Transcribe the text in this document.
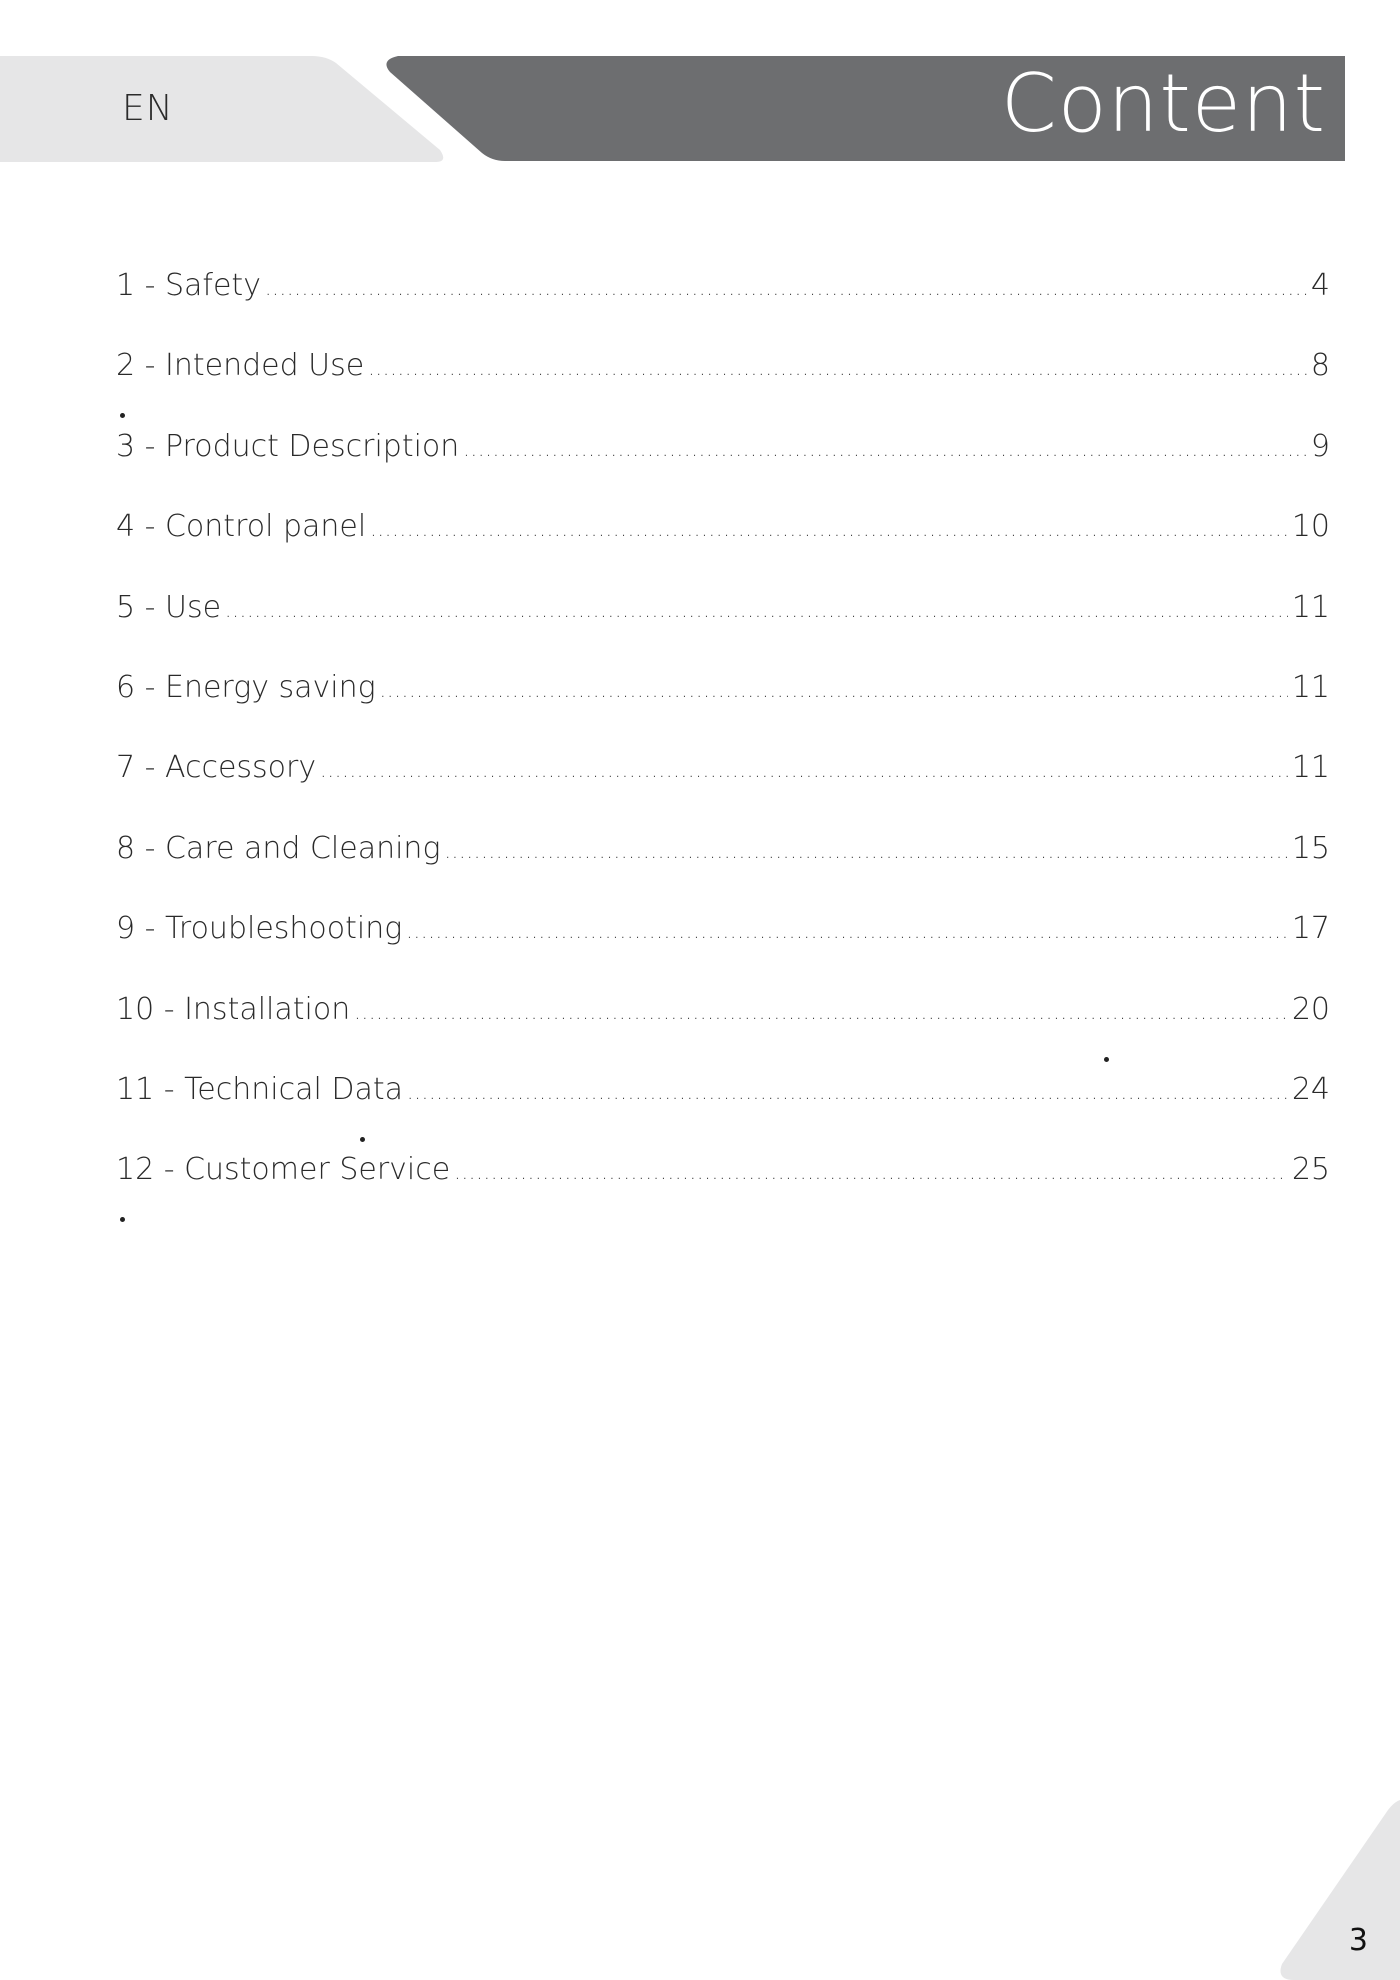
EN	Content
1 - Safety .....	4
2 - Intended Use .....	8
3 - Product Description .....	9
4 - Control panel .....	10
5 - Use .....	11
6 - Energy saving .....	11
7 - Accessory .....	11
8 - Care and Cleaning .....	15
9 - Troubleshooting .....	17
10 - Installation .....	20
11 - Technical Data .....	24
12 - Customer Service .....	25
3
